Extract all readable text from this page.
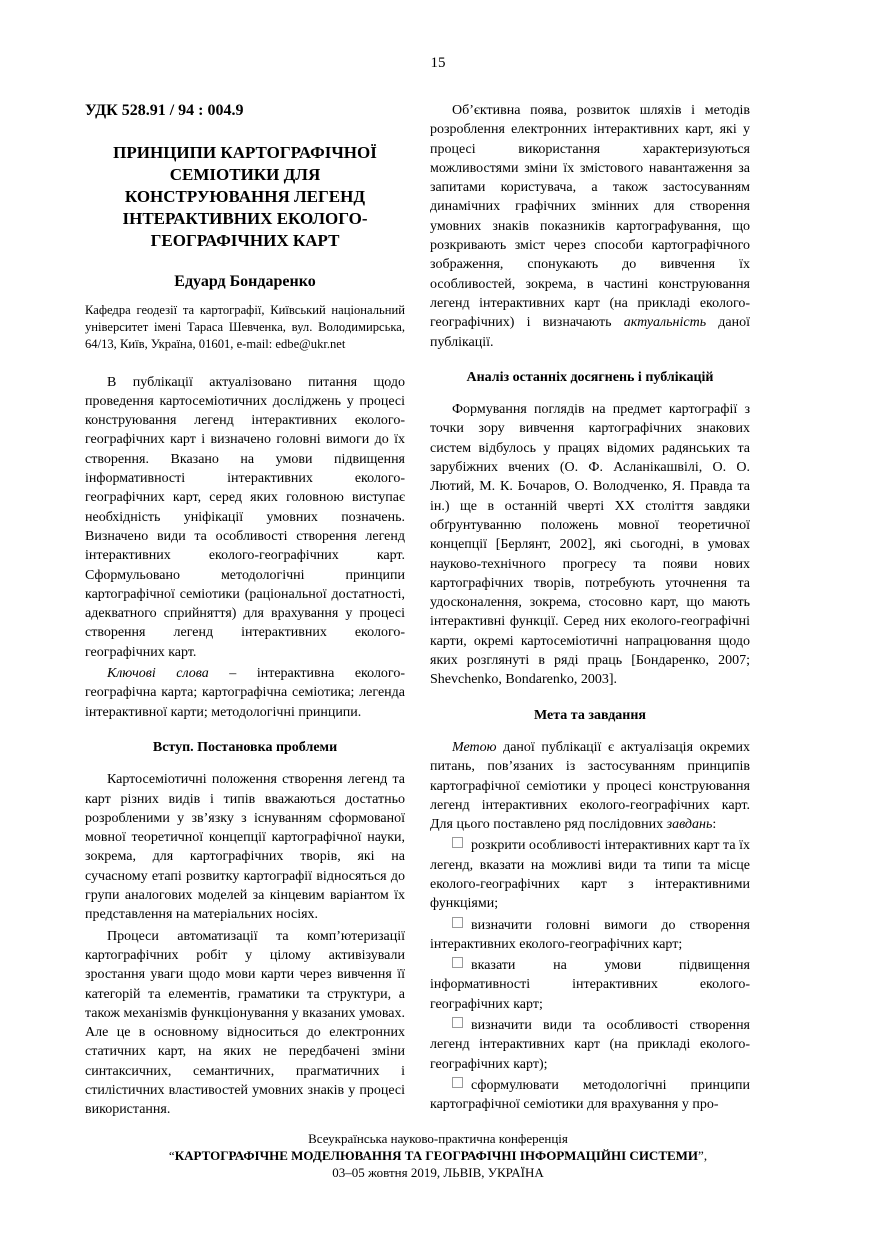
15
УДК 528.91 / 94 : 004.9
ПРИНЦИПИ КАРТОГРАФІЧНОЇ
СЕМІОТИКИ ДЛЯ
КОНСТРУЮВАННЯ ЛЕГЕНД
ІНТЕРАКТИВНИХ ЕКОЛОГО-
ГЕОГРАФІЧНИХ КАРТ
Едуард Бондаренко
Кафедра геодезії та картографії, Київський національний університет імені Тараса Шевченка, вул. Володимирська, 64/13, Київ, Україна, 01601, e-mail: edbe@ukr.net

В публікації актуалізовано питання щодо проведення картосеміотичних досліджень у процесі конструювання легенд інтерактивних еколого-географічних карт і визначено головні вимоги до їх створення. Вказано на умови підвищення інформативності інтерактивних еколого-географічних карт, серед яких головною виступає необхідність уніфікації умовних позначень. Визначено види та особливості створення легенд інтерактивних еколого-географічних карт. Сформульовано методологічні принципи картографічної семіотики (раціональної достатності, адекватного сприйняття) для врахування у процесі створення легенд інтерактивних еколого-географічних карт.

Ключові слова – інтерактивна еколого-географічна карта; картографічна семіотика; легенда інтерактивної карти; методологічні принципи.

Вступ. Постановка проблеми

Картосеміотичні положення створення легенд та карт різних видів і типів вважаються достатньо розробленими у зв’язку з існуванням сформованої мовної теоретичної концепції картографічної науки, зокрема, для картографічних творів, які на сучасному етапі розвитку картографії відносяться до групи аналогових моделей за кінцевим варіантом їх представлення на матеріальних носіях.

Процеси автоматизації та комп’ютеризації картографічних робіт у цілому активізували зростання уваги щодо мови карти через вивчення її категорій та елементів, граматики та структури, а також механізмів функціонування у вказаних умовах. Але це в основному відноситься до електронних статичних карт, на яких не передбачені зміни синтаксичних, семантичних, прагматичних і стилістичних властивостей умовних знаків у процесі використання.

Об’єктивна поява, розвиток шляхів і методів розроблення електронних інтерактивних карт, які у процесі використання характеризуються можливостями зміни їх змістового навантаження за запитами користувача, а також застосуванням динамічних графічних змінних для створення умовних знаків показників картографування, що розкривають зміст через способи картографічного зображення, спонукають до вивчення їх особливостей, зокрема, в частині конструювання легенд інтерактивних карт (на прикладі еколого-географічних) і визначають актуальність даної публікації.

Аналіз останніх досягнень і публікацій

Формування поглядів на предмет картографії з точки зору вивчення картографічних знакових систем відбулось у працях відомих радянських та зарубіжних вчених (О. Ф. Асланікашвілі, О. О. Лютий, М. К. Бочаров, О. Володченко, Я. Правда та ін.) ще в останній чверті XX століття завдяки обґрунтуванню положень мовної теоретичної концепції [Берлянт, 2002], які сьогодні, в умовах науково-технічного прогресу та появи нових картографічних творів, потребують уточнення та удосконалення, зокрема, стосовно карт, що мають інтерактивні функції. Серед них еколого-географічні карти, окремі картосеміотичні напрацювання щодо яких розглянуті в ряді праць [Бондаренко, 2007; Shevchenko, Bondarenko, 2003].

Мета та завдання

Метою даної публікації є актуалізація окремих питань, пов’язаних із застосуванням принципів картографічної семіотики у процесі конструювання легенд інтерактивних еколого-географічних карт. Для цього поставлено ряд послідовних завдань:

розкрити особливості інтерактивних карт та їх легенд, вказати на можливі види та типи та місце еколого-географічних карт з інтерактивними функціями;

визначити головні вимоги до створення інтерактивних еколого-географічних карт;

вказати на умови підвищення інформативності інтерактивних еколого-географічних карт;

визначити види та особливості створення легенд інтерактивних карт (на прикладі еколого-географічних карт);

сформулювати методологічні принципи картографічної семіотики для врахування у про-

Всеукраїнська науково-практична конференція
“КАРТОГРАФІЧНЕ МОДЕЛЮВАННЯ ТА ГЕОГРАФІЧНІ ІНФОРМАЦІЙНІ СИСТЕМИ”,
03–05 жовтня 2019, ЛЬВІВ, УКРАЇНА
